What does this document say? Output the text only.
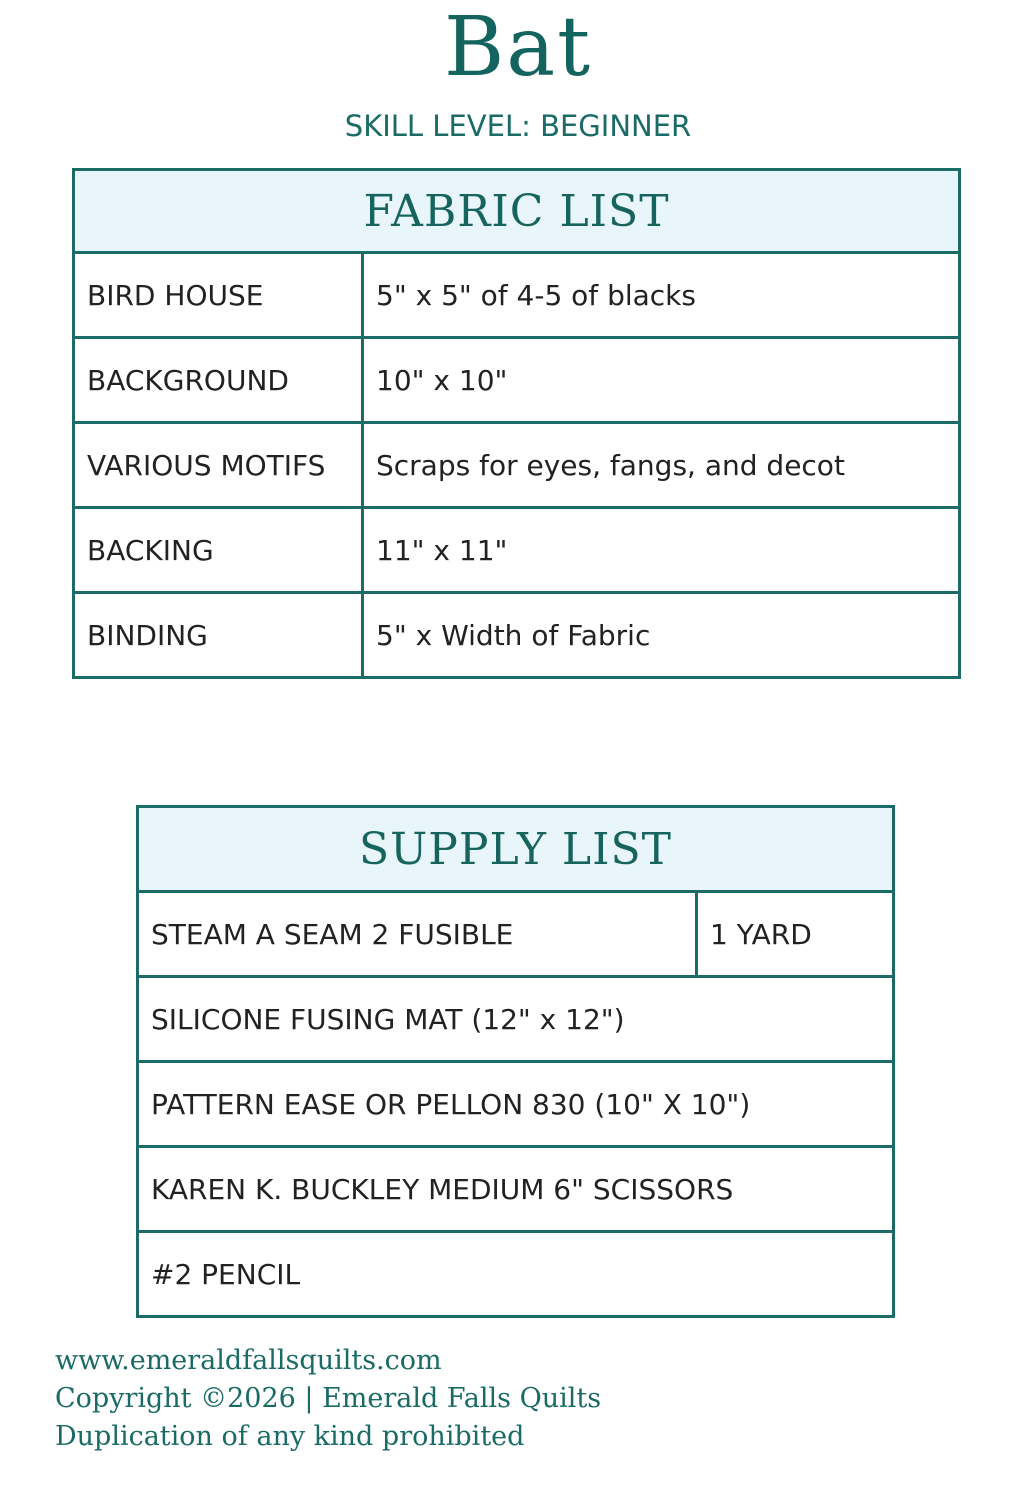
Bat
SKILL LEVEL: BEGINNER
FABRIC LIST	
BIRD HOUSE	5" x 5" of 4-5 of blacks
BACKGROUND	10" x 10"
VARIOUS MOTIFS	Scraps for eyes, fangs, and decot
BACKING	11" x 11"
BINDING	5" x Width of Fabric
SUPPLY LIST
STEAM A SEAM 2 FUSIBLE	1 YARD
SILICONE FUSING MAT (12" x 12")
PATTERN EASE OR PELLON 830 (10" X 10")
KAREN K. BUCKLEY MEDIUM 6" SCISSORS
#2 PENCIL
www.emeraldfallsquilts.com
Copyright ©2026 | Emerald Falls Quilts
Duplication of any kind prohibited
